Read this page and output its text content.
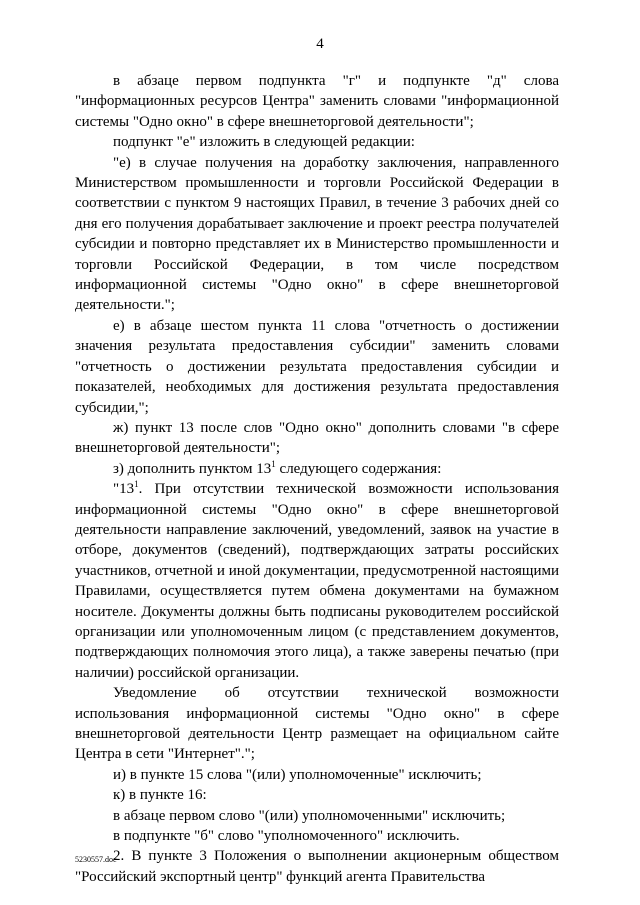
4

в абзаце первом подпункта "г" и подпункте "д" слова "информационных ресурсов Центра" заменить словами "информационной системы "Одно окно" в сфере внешнеторговой деятельности";

подпункт "е" изложить в следующей редакции:

"е) в случае получения на доработку заключения, направленного Министерством промышленности и торговли Российской Федерации в соответствии с пунктом 9 настоящих Правил, в течение 3 рабочих дней со дня его получения дорабатывает заключение и проект реестра получателей субсидии и повторно представляет их в Министерство промышленности и торговли Российской Федерации, в том числе посредством информационной системы "Одно окно" в сфере внешнеторговой деятельности.";

е) в абзаце шестом пункта 11 слова "отчетность о достижении значения результата предоставления субсидии" заменить словами "отчетность о достижении результата предоставления субсидии и показателей, необходимых для достижения результата предоставления субсидии,";

ж) пункт 13 после слов "Одно окно" дополнить словами "в сфере внешнеторговой деятельности";

з) дополнить пунктом $13^1$ следующего содержания:

"$13^1$. При отсутствии технической возможности использования информационной системы "Одно окно" в сфере внешнеторговой деятельности направление заключений, уведомлений, заявок на участие в отборе, документов (сведений), подтверждающих затраты российских участников, отчетной и иной документации, предусмотренной настоящими Правилами, осуществляется путем обмена документами на бумажном носителе. Документы должны быть подписаны руководителем российской организации или уполномоченным лицом (с представлением документов, подтверждающих полномочия этого лица), а также заверены печатью (при наличии) российской организации.

Уведомление об отсутствии технической возможности использования информационной системы "Одно окно" в сфере внешнеторговой деятельности Центр размещает на официальном сайте Центра в сети "Интернет".";

и) в пункте 15 слова "(или) уполномоченные" исключить;

к) в пункте 16:

в абзаце первом слово "(или) уполномоченными" исключить;

в подпункте "б" слово "уполномоченного" исключить.

2. В пункте 3 Положения о выполнении акционерным обществом "Российский экспортный центр" функций агента Правительства

5230557.doc
